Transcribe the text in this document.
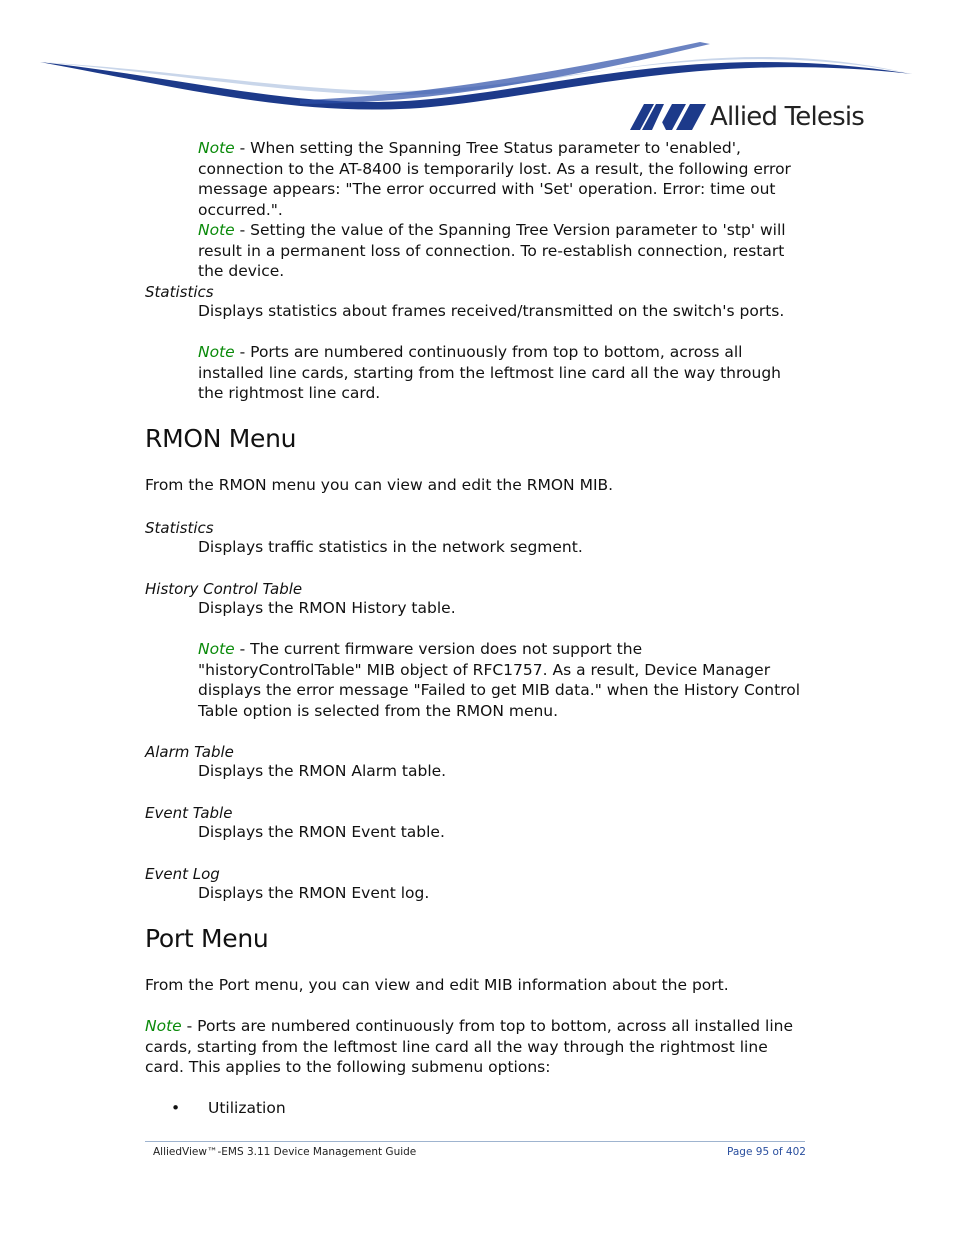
Allied Telesis
Note - When setting the Spanning Tree Status parameter to 'enabled', connection to the AT-8400 is temporarily lost. As a result, the following error message appears: "The error occurred with 'Set' operation. Error: time out occurred.".
Note - Setting the value of the Spanning Tree Version parameter to 'stp' will result in a permanent loss of connection. To re-establish connection, restart the device.
Statistics
Displays statistics about frames received/transmitted on the switch's ports.
Note - Ports are numbered continuously from top to bottom, across all installed line cards, starting from the leftmost line card all the way through the rightmost line card.
RMON Menu
From the RMON menu you can view and edit the RMON MIB.
Statistics
Displays traffic statistics in the network segment.
History Control Table
Displays the RMON History table.
Note - The current firmware version does not support the "historyControlTable" MIB object of RFC1757. As a result, Device Manager displays the error message "Failed to get MIB data." when the History Control Table option is selected from the RMON menu.
Alarm Table
Displays the RMON Alarm table.
Event Table
Displays the RMON Event table.
Event Log
Displays the RMON Event log.
Port Menu
From the Port menu, you can view and edit MIB information about the port.
Note - Ports are numbered continuously from top to bottom, across all installed line cards, starting from the leftmost line card all the way through the rightmost line card. This applies to the following submenu options:
• Utilization
AlliedView™-EMS 3.11 Device Management Guide	Page 95 of 402
